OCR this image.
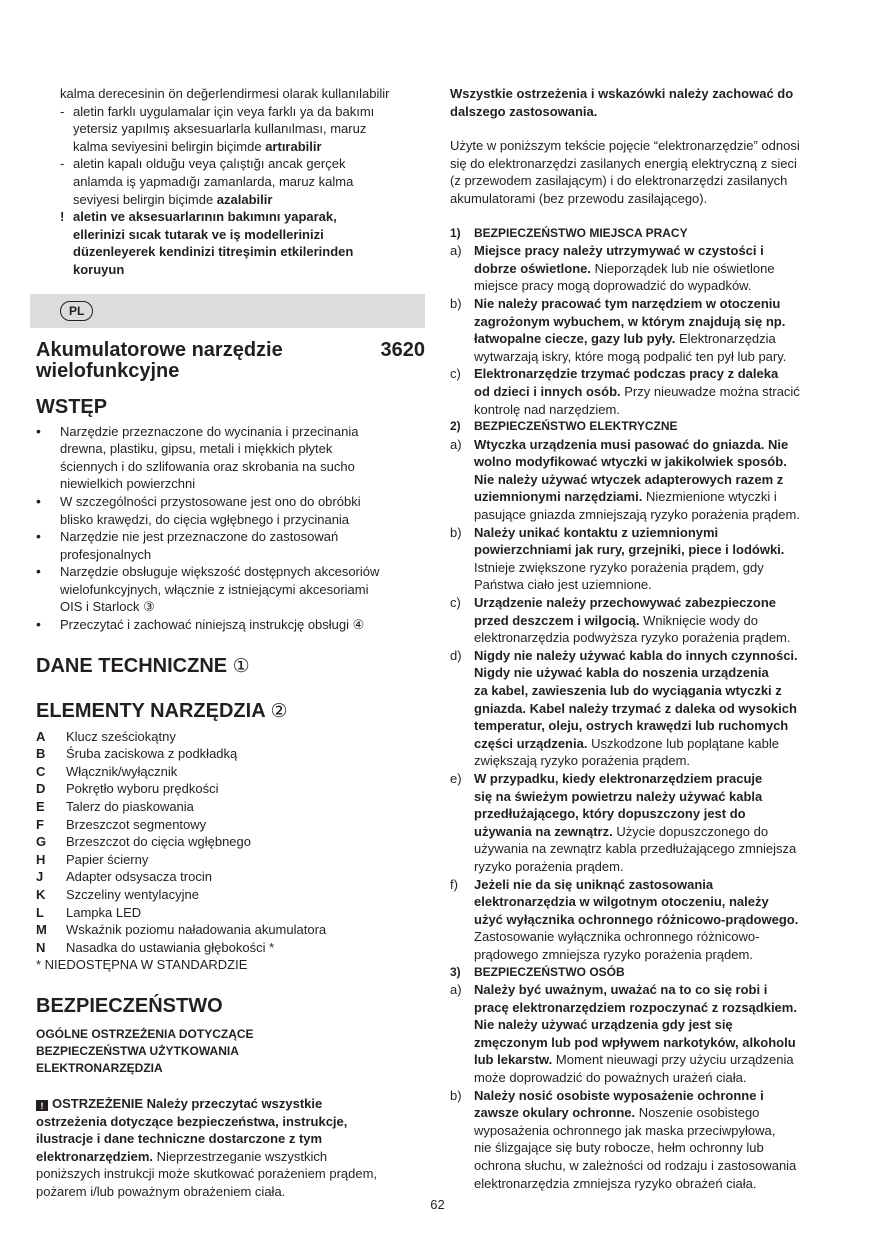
kalma derecesinin ön değerlendirmesi olarak kullanılabilir
- aletin farklı uygulamalar için veya farklı ya da bakımı
yetersiz yapılmış aksesuarlarla kullanılması, maruz
kalma seviyesini belirgin biçimde artırabilir
- aletin kapalı olduğu veya çalıştığı ancak gerçek
anlamda iş yapmadığı zamanlarda, maruz kalma
seviyesi belirgin biçimde azalabilir
! aletin ve aksesuarlarının bakımını yaparak,
ellerinizi sıcak tutarak ve iş modellerinizi
düzenleyerek kendinizi titreşimin etkilerinden
koruyun
PL
Akumulatorowe narzędzie
wielofunkcyjne
3620
WSTĘP
• Narzędzie przeznaczone do wycinania i przecinania
drewna, plastiku, gipsu, metali i miękkich płytek
ściennych i do szlifowania oraz skrobania na sucho
niewielkich powierzchni
• W szczególności przystosowane jest ono do obróbki
blisko krawędzi, do cięcia wgłębnego i przycinania
• Narzędzie nie jest przeznaczone do zastosowań
profesjonalnych
• Narzędzie obsługuje większość dostępnych akcesoriów
wielofunkcyjnych, włącznie z istniejącymi akcesoriami
OIS i Starlock ③
• Przeczytać i zachować niniejszą instrukcję obsługi ④
DANE TECHNICZNE ①
ELEMENTY NARZĘDZIA ②
A Klucz sześciokątny
B Śruba zaciskowa z podkładką
C Włącznik/wyłącznik
D Pokrętło wyboru prędkości
E Talerz do piaskowania
F Brzeszczot segmentowy
G Brzeszczot do cięcia wgłębnego
H Papier ścierny
J Adapter odsysacza trocin
K Szczeliny wentylacyjne
L Lampka LED
M Wskaźnik poziomu naładowania akumulatora
N Nasadka do ustawiania głębokości *
* NIEDOSTĘPNA W STANDARDZIE
BEZPIECZEŃSTWO
OGÓLNE OSTRZEŻENIA DOTYCZĄCE
BEZPIECZEŃSTWA UŻYTKOWANIA
ELEKTRONARZĘDZIA
! OSTRZEŻENIE Należy przeczytać wszystkie
ostrzeżenia dotyczące bezpieczeństwa, instrukcje,
ilustracje i dane techniczne dostarczone z tym
elektronarzędziem. Nieprzestrzeganie wszystkich
poniższych instrukcji może skutkować porażeniem prądem,
pożarem i/lub poważnym obrażeniem ciała.
Wszystkie ostrzeżenia i wskazówki należy zachować do
dalszego zastosowania.
Użyte w poniższym tekście pojęcie “elektronarzędzie” odnosi
się do elektronarzędzi zasilanych energią elektryczną z sieci
(z przewodem zasilającym) i do elektronarzędzi zasilanych
akumulatorami (bez przewodu zasilającego).
1) BEZPIECZEŃSTWO MIEJSCA PRACY
a) Miejsce pracy należy utrzymywać w czystości i
dobrze oświetlone. Nieporządek lub nie oświetlone
miejsce pracy mogą doprowadzić do wypadków.
b) Nie należy pracować tym narzędziem w otoczeniu
zagrożonym wybuchem, w którym znajdują się np.
łatwopalne ciecze, gazy lub pyły. Elektronarzędzia
wytwarzają iskry, które mogą podpalić ten pył lub pary.
c) Elektronarzędzie trzymać podczas pracy z daleka
od dzieci i innych osób. Przy nieuwadze można stracić
kontrolę nad narzędziem.
2) BEZPIECZEŃSTWO ELEKTRYCZNE
a) Wtyczka urządzenia musi pasować do gniazda. Nie
wolno modyfikować wtyczki w jakikolwiek sposób.
Nie należy używać wtyczek adapterowych razem z
uziemnionymi narzędziami. Niezmienione wtyczki i
pasujące gniazda zmniejszają ryzyko porażenia prądem.
b) Należy unikać kontaktu z uziemnionymi
powierzchniami jak rury, grzejniki, piece i lodówki.
Istnieje zwiększone ryzyko porażenia prądem, gdy
Państwa ciało jest uziemnione.
c) Urządzenie należy przechowywać zabezpieczone
przed deszczem i wilgocią. Wniknięcie wody do
elektronarzędzia podwyższa ryzyko porażenia prądem.
d) Nigdy nie należy używać kabla do innych czynności.
Nigdy nie używać kabla do noszenia urządzenia
za kabel, zawieszenia lub do wyciągania wtyczki z
gniazda. Kabel należy trzymać z daleka od wysokich
temperatur, oleju, ostrych krawędzi lub ruchomych
części urządzenia. Uszkodzone lub poplątane kable
zwiększają ryzyko porażenia prądem.
e) W przypadku, kiedy elektronarzędziem pracuje
się na świeżym powietrzu należy używać kabla
przedłużającego, który dopuszczony jest do
używania na zewnątrz. Użycie dopuszczonego do
używania na zewnątrz kabla przedłużającego zmniejsza
ryzyko porażenia prądem.
f) Jeżeli nie da się uniknąć zastosowania
elektronarzędzia w wilgotnym otoczeniu, należy
użyć wyłącznika ochronnego różnicowo-prądowego.
Zastosowanie wyłącznika ochronnego różnicowo-
prądowego zmniejsza ryzyko porażenia prądem.
3) BEZPIECZEŃSTWO OSÓB
a) Należy być uważnym, uważać na to co się robi i
pracę elektronarzędziem rozpoczynać z rozsądkiem.
Nie należy używać urządzenia gdy jest się
zmęczonym lub pod wpływem narkotyków, alkoholu
lub lekarstw. Moment nieuwagi przy użyciu urządzenia
może doprowadzić do poważnych urażeń ciała.
b) Należy nosić osobiste wyposażenie ochronne i
zawsze okulary ochronne. Noszenie osobistego
wyposażenia ochronnego jak maska przeciwpyłowa,
nie ślizgające się buty robocze, hełm ochronny lub
ochrona słuchu, w zależności od rodzaju i zastosowania
elektronarzędzia zmniejsza ryzyko obrażeń ciała.
62
